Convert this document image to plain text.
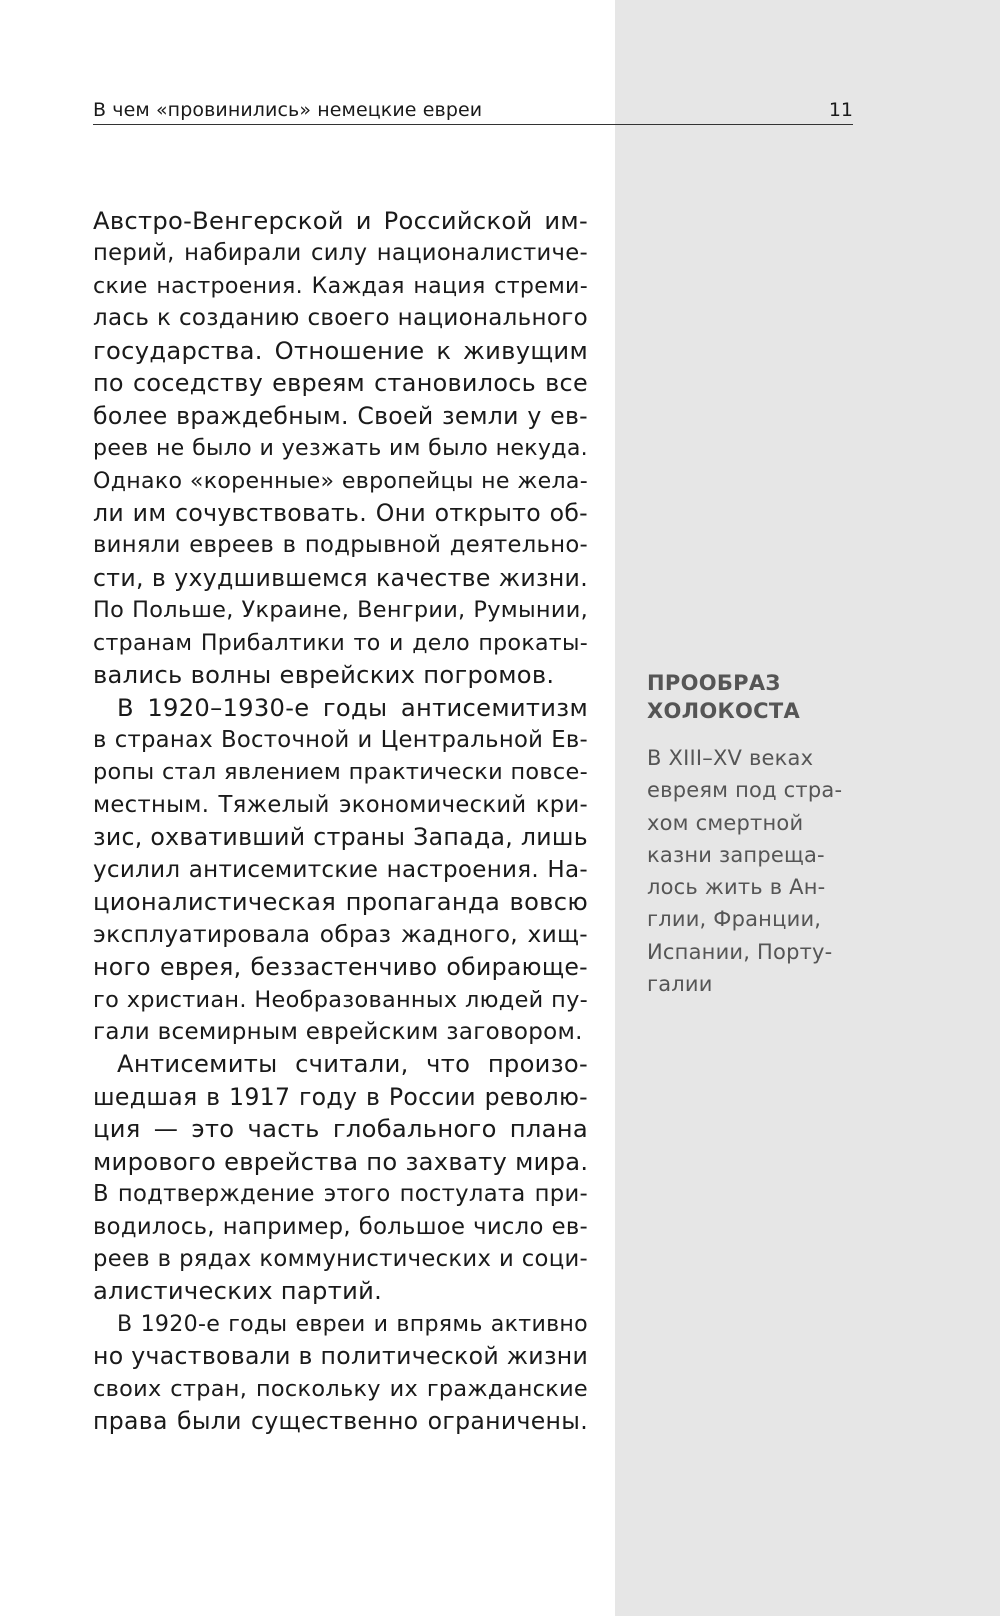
В чем «провинились» немецкие евреи	11
Австро-Венгерской и Российской им-
перий, набирали силу националистиче-
ские настроения. Каждая нация стреми-
лась к созданию своего национального
государства. Отношение к живущим
по соседству евреям становилось все
более враждебным. Своей земли у ев-
реев не было и уезжать им было некуда.
Однако «коренные» европейцы не жела-
ли им сочувствовать. Они открыто об-
виняли евреев в подрывной деятельно-
сти, в ухудшившемся качестве жизни.
По Польше, Украине, Венгрии, Румынии,
странам Прибалтики то и дело прокаты-
вались волны еврейских погромов.
В 1920–1930-е годы антисемитизм
в странах Восточной и Центральной Ев-
ропы стал явлением практически повсе-
местным. Тяжелый экономический кри-
зис, охвативший страны Запада, лишь
усилил антисемитские настроения. На-
ционалистическая пропаганда вовсю
эксплуатировала образ жадного, хищ-
ного еврея, беззастенчиво обирающе-
го христиан. Необразованных людей пу-
гали всемирным еврейским заговором.
Антисемиты считали, что произо-
шедшая в 1917 году в России револю-
ция — это часть глобального плана
мирового еврейства по захвату мира.
В подтверждение этого постулата при-
водилось, например, большое число ев-
реев в рядах коммунистических и соци-
алистических партий.
В 1920-е годы евреи и впрямь активно
но участвовали в политической жизни
своих стран, поскольку их гражданские
права были существенно ограничены.
ПРООБРАЗ
ХОЛОКОСТА
В XIII–XV веках
евреям под стра-
хом смертной
казни запреща-
лось жить в Ан-
глии, Франции,
Испании, Порту-
галии
